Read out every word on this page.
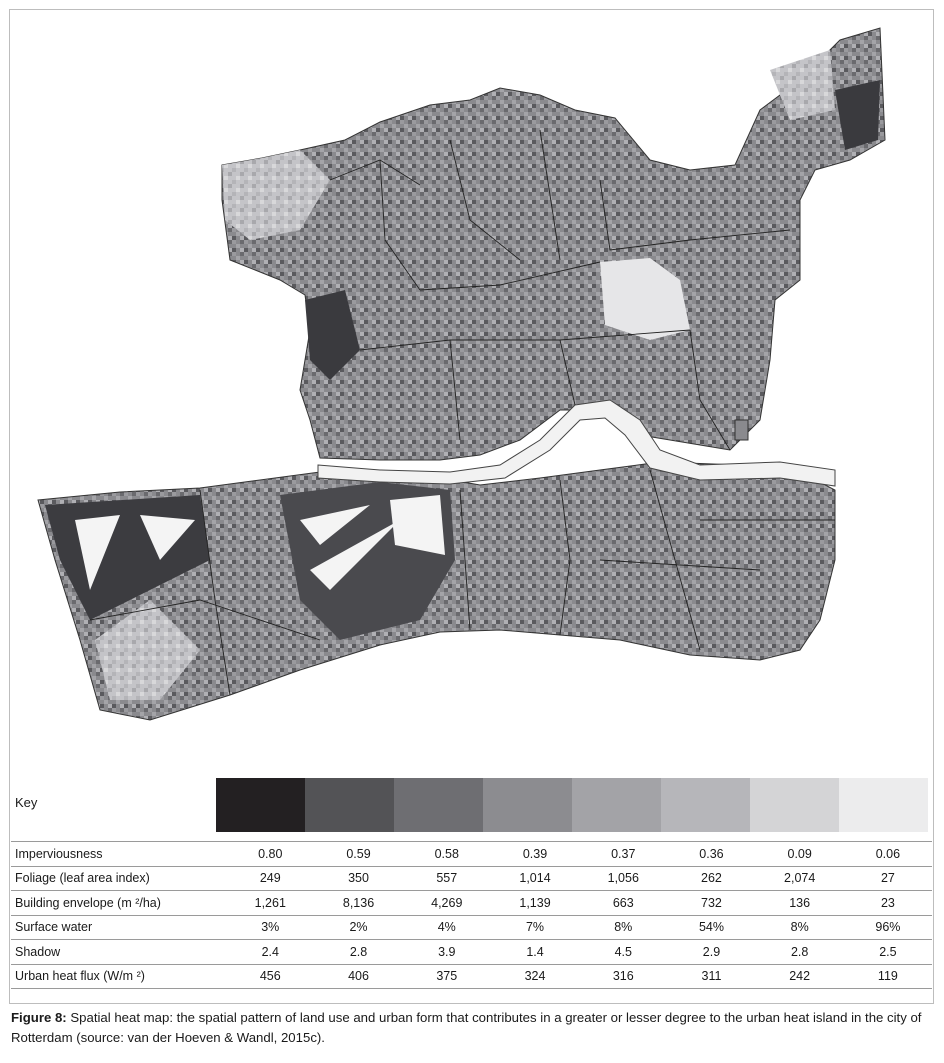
Key
Imperviousness	0.80	0.59	0.58	0.39	0.37	0.36	0.09	0.06
Foliage (leaf area index)	249	350	557	1,014	1,056	262	2,074	27
Building envelope (m ²/ha)	1,261	8,136	4,269	1,139	663	732	136	23
Surface water	3%	2%	4%	7%	8%	54%	8%	96%
Shadow	2.4	2.8	3.9	1.4	4.5	2.9	2.8	2.5
Urban heat flux (W/m ²)	456	406	375	324	316	311	242	119
Figure 8: Spatial heat map: the spatial pattern of land use and urban form that contributes in a greater or lesser degree to the urban heat island in the city of Rotterdam (source: van der Hoeven & Wandl, 2015c).
